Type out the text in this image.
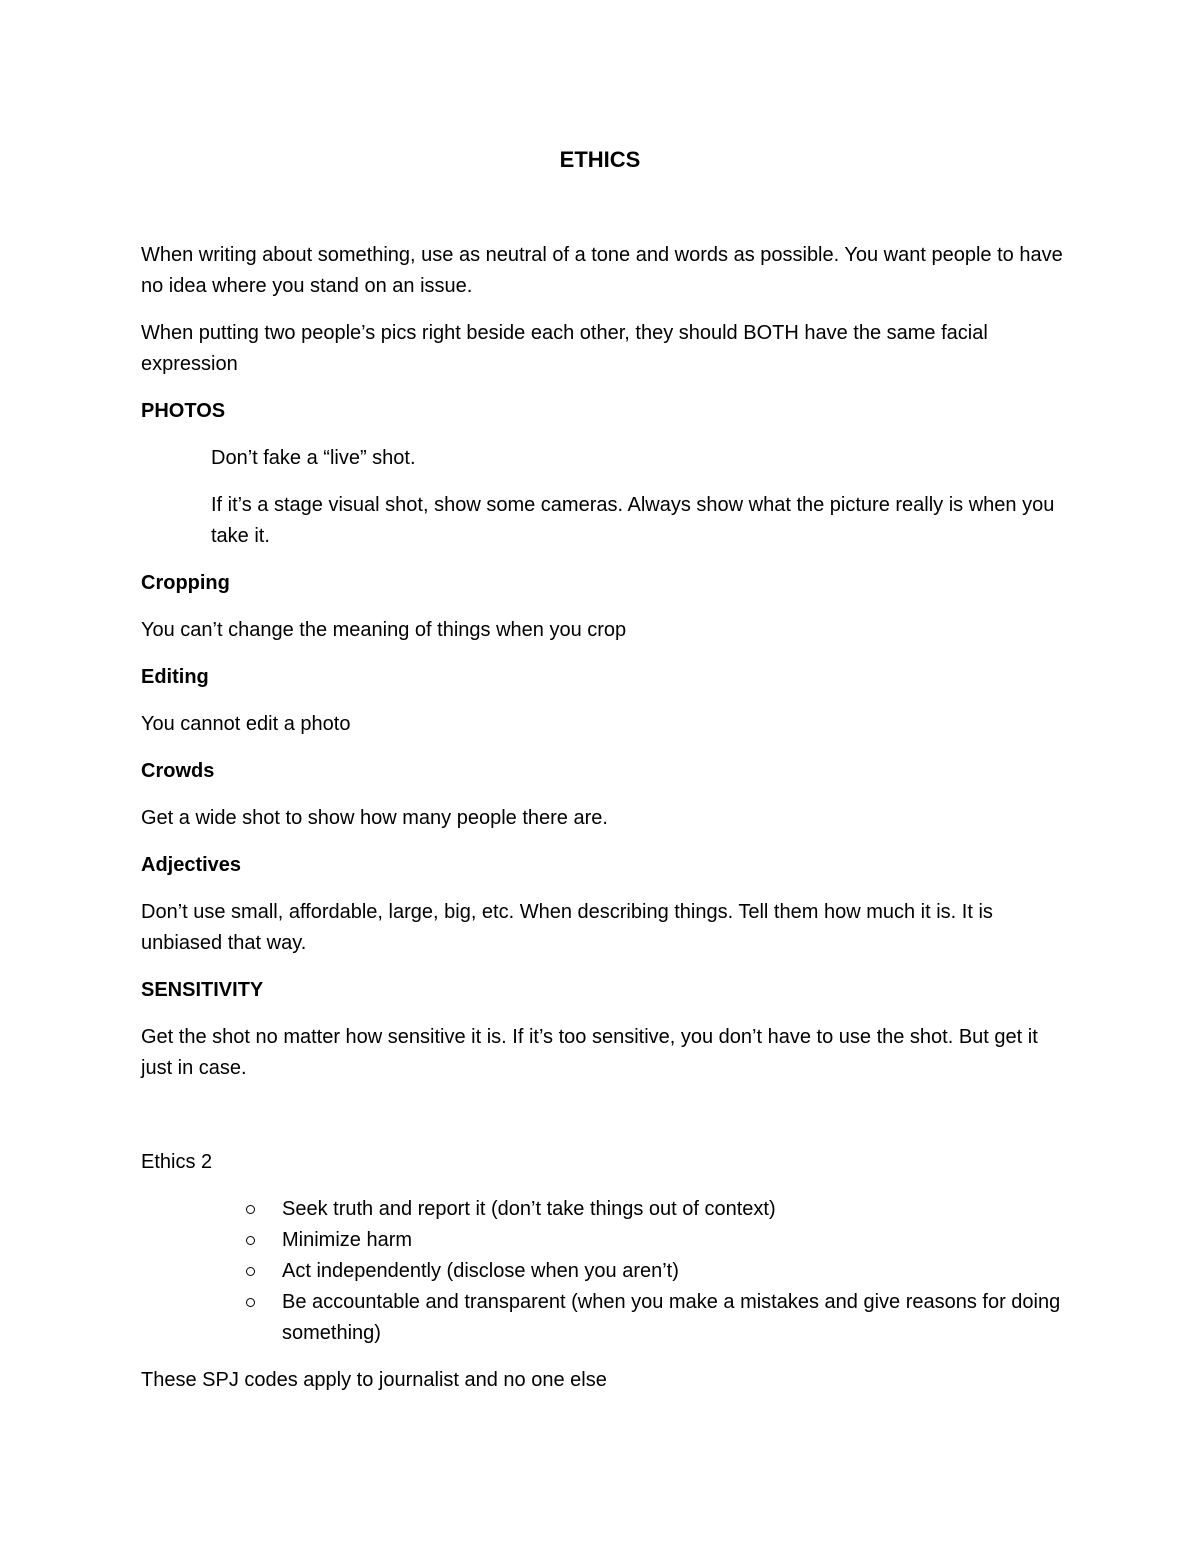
ETHICS

When writing about something, use as neutral of a tone and words as possible. You want people to have no idea where you stand on an issue.

When putting two people’s pics right beside each other, they should BOTH have the same facial expression

PHOTOS

Don’t fake a “live” shot.

If it’s a stage visual shot, show some cameras. Always show what the picture really is when you take it.

Cropping

You can’t change the meaning of things when you crop

Editing

You cannot edit a photo

Crowds

Get a wide shot to show how many people there are.

Adjectives

Don’t use small, affordable, large, big, etc. When describing things. Tell them how much it is. It is unbiased that way.

SENSITIVITY

Get the shot no matter how sensitive it is. If it’s too sensitive, you don’t have to use the shot. But get it just in case.

Ethics 2

Seek truth and report it (don’t take things out of context)
Minimize harm
Act independently (disclose when you aren’t)
Be accountable and transparent (when you make a mistakes and give reasons for doing something)

These SPJ codes apply to journalist and no one else
